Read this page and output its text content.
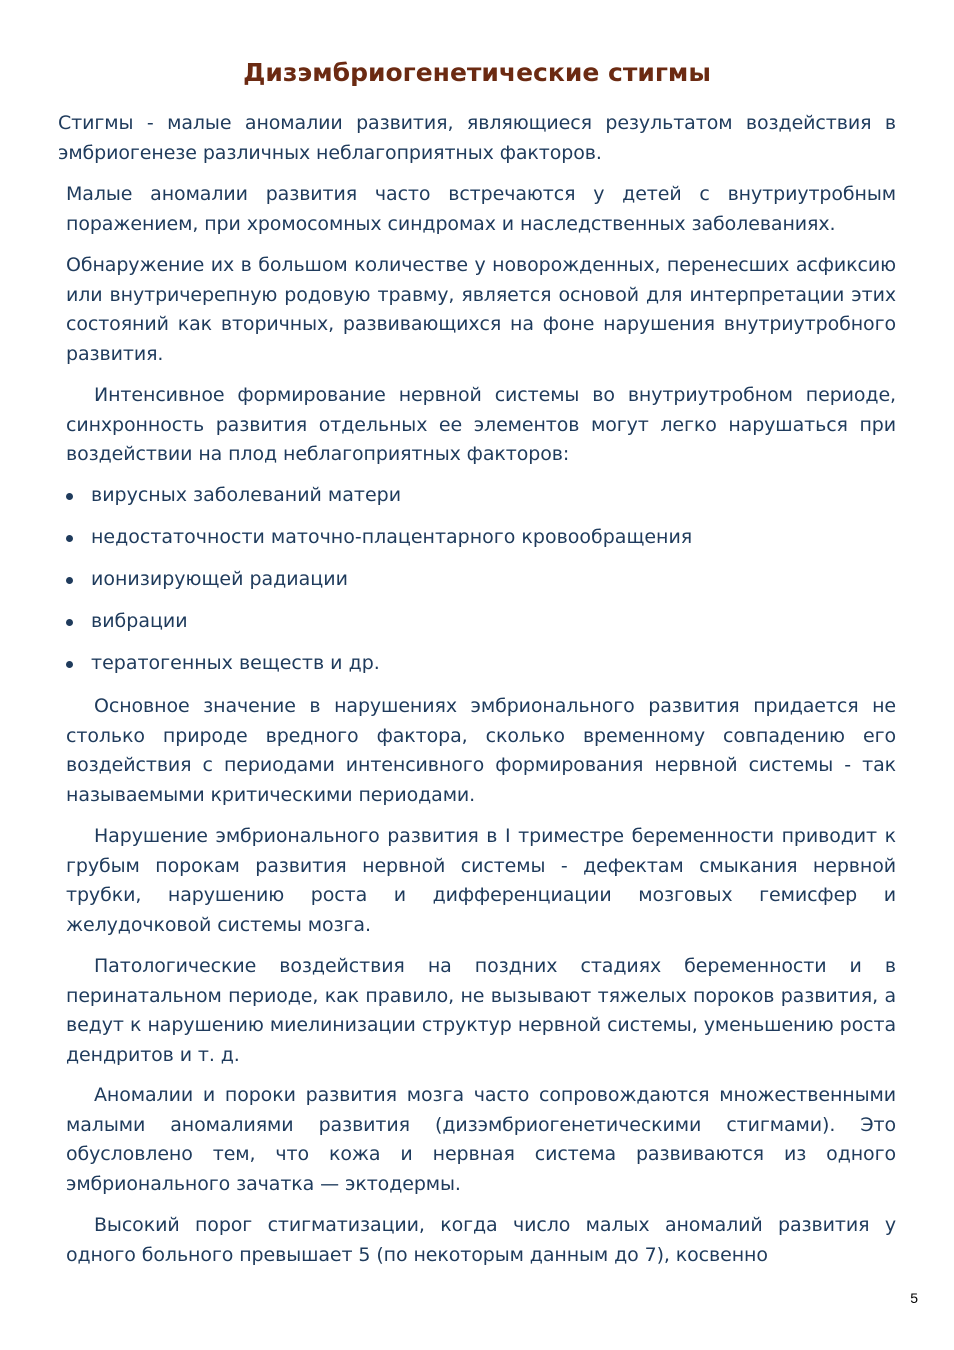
Дизэмбриогенетические стигмы

Стигмы - малые аномалии развития, являющиеся результатом воздействия в эмбриогенезе различных неблагоприятных факторов.

Малые аномалии развития часто встречаются у детей с внутриутробным поражением, при хромосомных синдромах и наследственных заболеваниях.

Обнаружение их в большом количестве у новорожденных, перенесших асфиксию или внутричерепную родовую травму, является основой для интерпретации этих состояний как вторичных, развивающихся на фоне нарушения внутриутробного развития.

Интенсивное формирование нервной системы во внутриутробном периоде, синхронность развития отдельных ее элементов могут легко нарушаться при воздействии на плод неблагоприятных факторов:

вирусных заболеваний матери
недостаточности маточно-плацентарного кровообращения
ионизирующей радиации
вибрации
тератогенных веществ и др.

Основное значение в нарушениях эмбрионального развития придается не столько природе вредного фактора, сколько временному совпадению его воздействия с периодами интенсивного формирования нервной системы - так называемыми критическими периодами.

Нарушение эмбрионального развития в I триместре беременности приводит к грубым порокам развития нервной системы - дефектам смыкания нервной трубки, нарушению роста и дифференциации мозговых гемисфер и желудочковой системы мозга.

Патологические воздействия на поздних стадиях беременности и в перинатальном периоде, как правило, не вызывают тяжелых пороков развития, а ведут к нарушению миелинизации структур нервной системы, уменьшению роста дендритов и т. д.

Аномалии и пороки развития мозга часто сопровождаются множественными малыми аномалиями развития (дизэмбриогенетическими стигмами). Это обусловлено тем, что кожа и нервная система развиваются из одного эмбрионального зачатка — эктодермы.

Высокий порог стигматизации, когда число малых аномалий развития у одного больного превышает 5 (по некоторым данным до 7), косвенно

5
